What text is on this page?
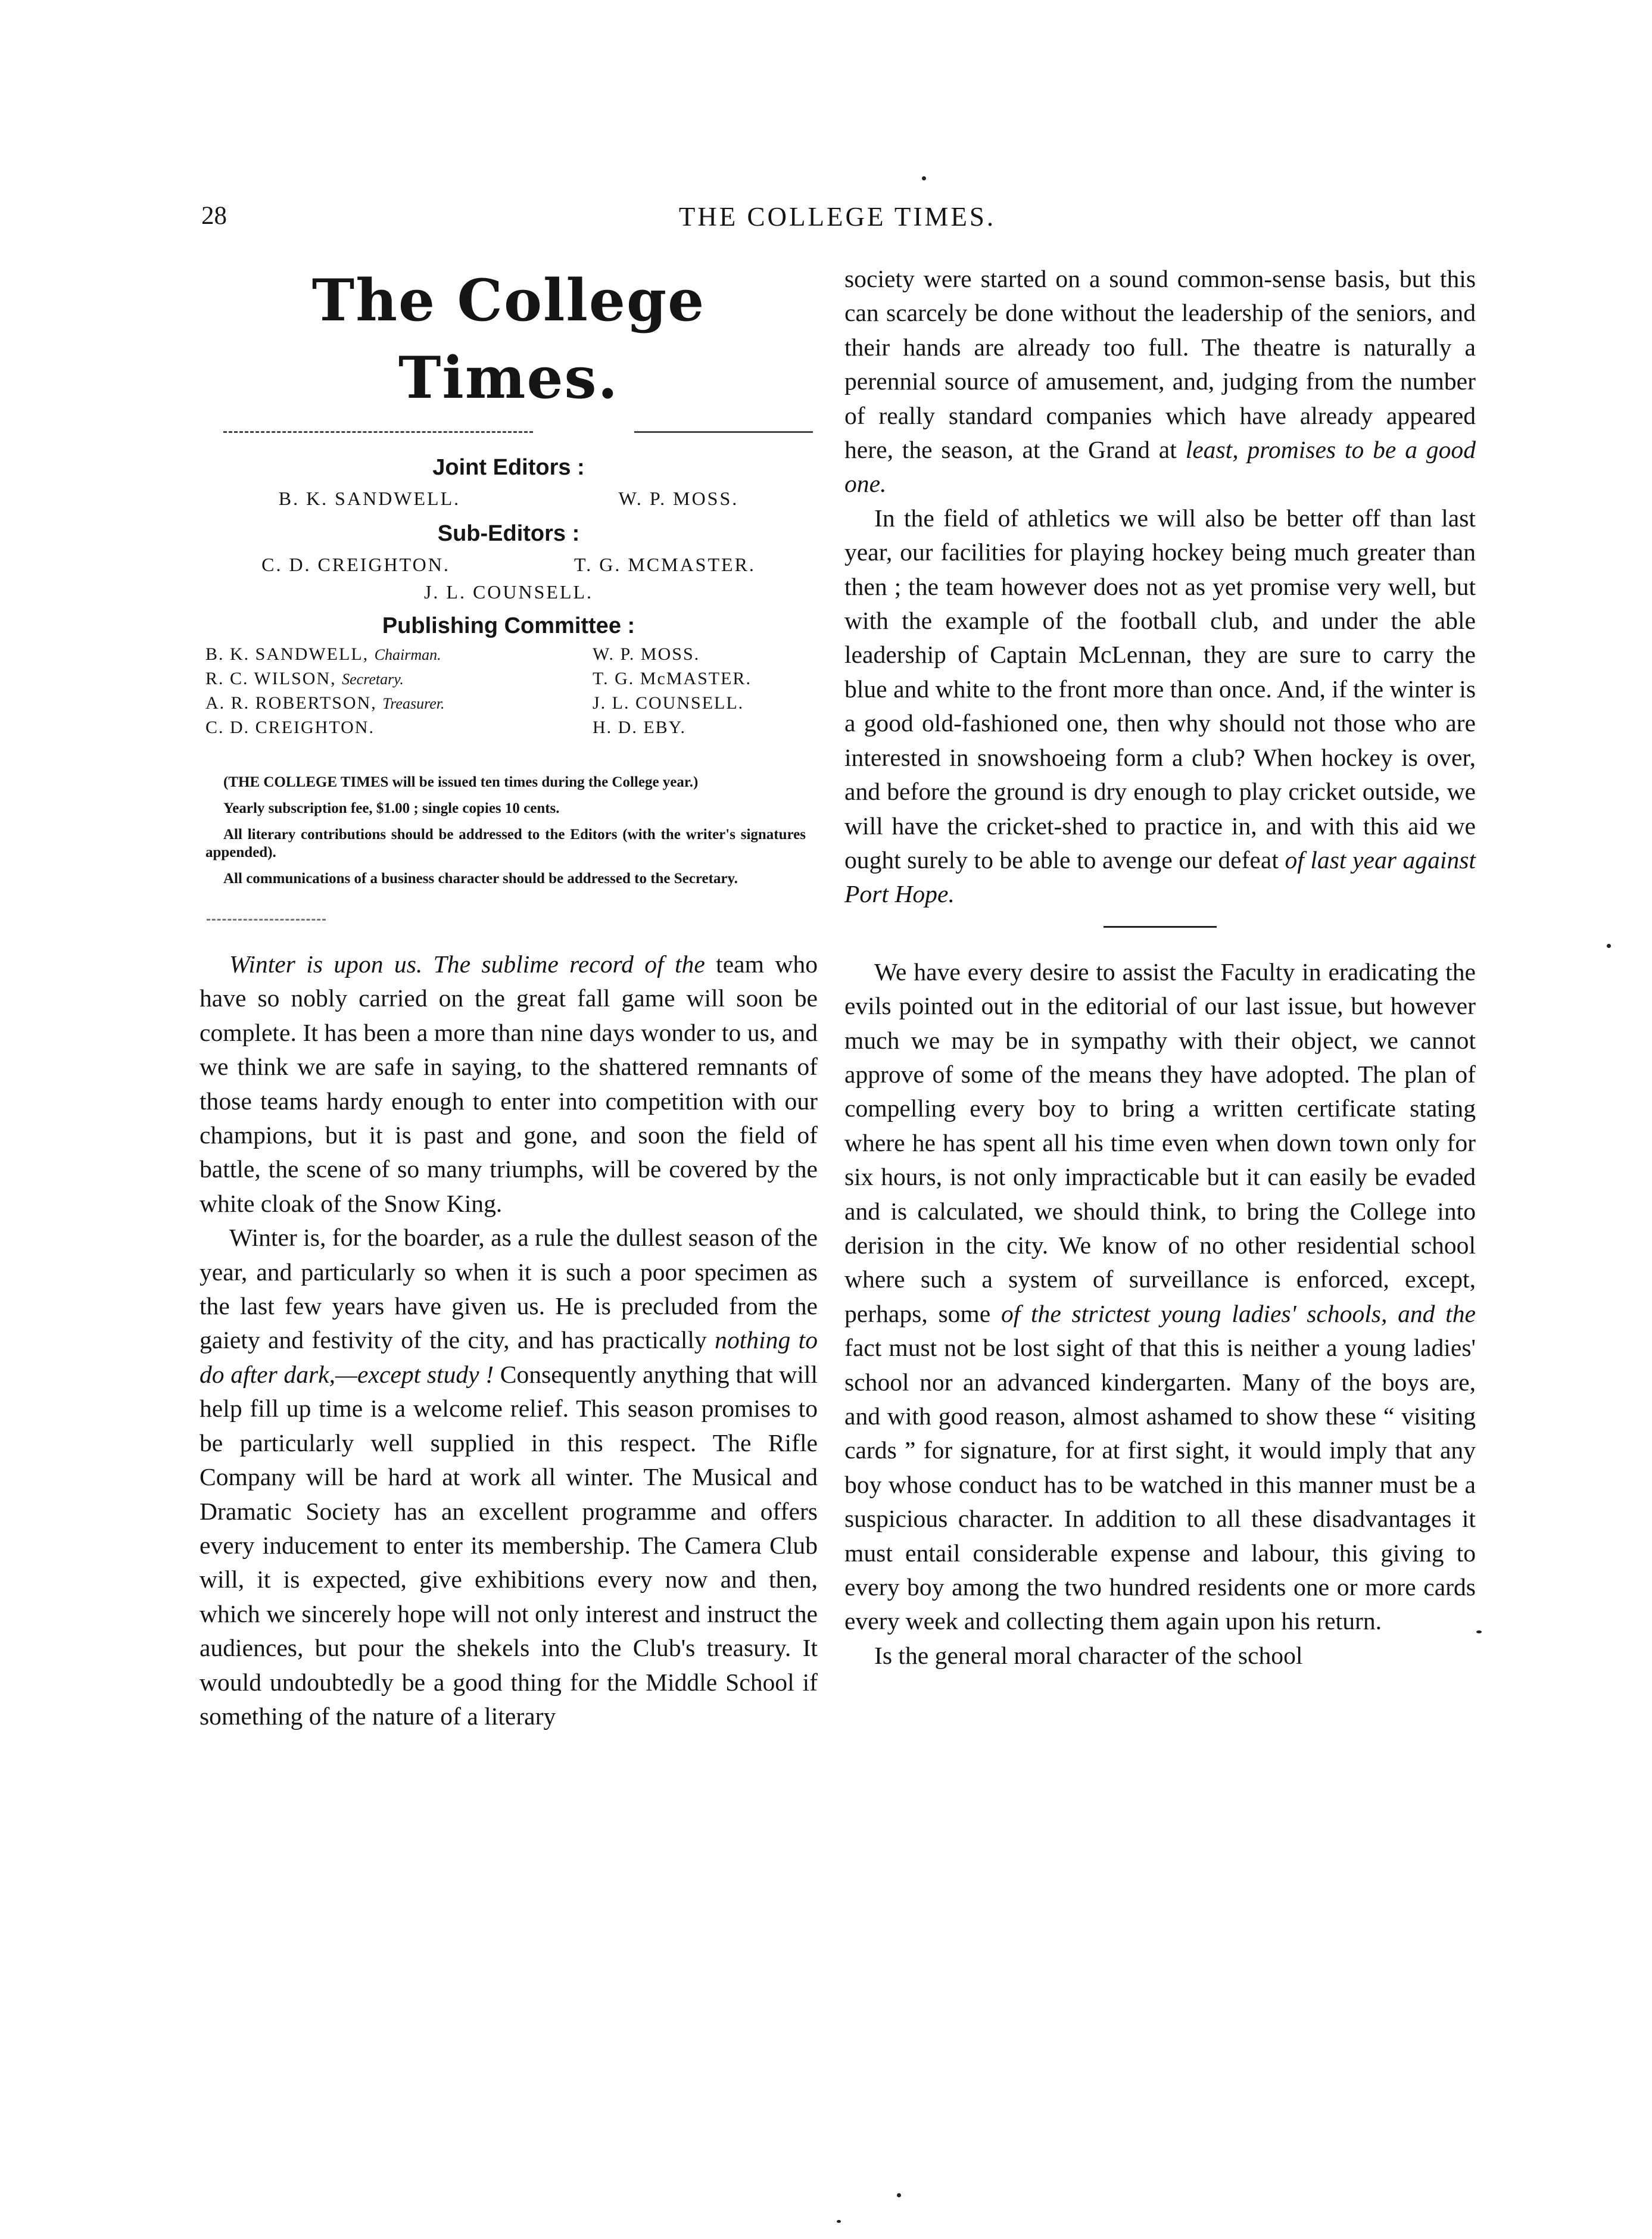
28	THE COLLEGE TIMES.
The College Times.
Joint Editors :
B. K. SANDWELL.	W. P. MOSS.
Sub-Editors :
C. D. CREIGHTON.	T. G. MCMASTER.
J. L. COUNSELL.
Publishing Committee :
B. K. SANDWELL, Chairman.	W. P. MOSS.
R. C. WILSON, Secretary.	T. G. McMASTER.
A. R. ROBERTSON, Treasurer.	J. L. COUNSELL.
C. D. CREIGHTON.	H. D. EBY.

(THE COLLEGE TIMES will be issued ten times during the College year.)

Yearly subscription fee, $1.00 ; single copies 10 cents.

All literary contributions should be addressed to the Editors (with the writer's signatures appended).

All communications of a business character should be addressed to the Secretary.

Winter is upon us. The sublime record of the team who have so nobly carried on the great fall game will soon be complete. It has been a more than nine days wonder to us, and we think we are safe in saying, to the shattered remnants of those teams hardy enough to enter into competition with our champions, but it is past and gone, and soon the field of battle, the scene of so many triumphs, will be covered by the white cloak of the Snow King.

Winter is, for the boarder, as a rule the dullest season of the year, and particularly so when it is such a poor specimen as the last few years have given us. He is precluded from the gaiety and festivity of the city, and has practically nothing to do after dark,—except study ! Consequently anything that will help fill up time is a welcome relief. This season promises to be particularly well supplied in this respect. The Rifle Company will be hard at work all winter. The Musical and Dramatic Society has an excellent programme and offers every inducement to enter its membership. The Camera Club will, it is expected, give exhibitions every now and then, which we sincerely hope will not only interest and instruct the audiences, but pour the shekels into the Club's treasury. It would undoubtedly be a good thing for the Middle School if something of the nature of a literary

society were started on a sound common-sense basis, but this can scarcely be done without the leadership of the seniors, and their hands are already too full. The theatre is naturally a perennial source of amusement, and, judging from the number of really standard companies which have already appeared here, the season, at the Grand at least, promises to be a good one.

In the field of athletics we will also be better off than last year, our facilities for playing hockey being much greater than then ; the team however does not as yet promise very well, but with the example of the football club, and under the able leadership of Captain McLennan, they are sure to carry the blue and white to the front more than once. And, if the winter is a good old-fashioned one, then why should not those who are interested in snowshoeing form a club? When hockey is over, and before the ground is dry enough to play cricket outside, we will have the cricket-shed to practice in, and with this aid we ought surely to be able to avenge our defeat of last year against Port Hope.

We have every desire to assist the Faculty in eradicating the evils pointed out in the editorial of our last issue, but however much we may be in sympathy with their object, we cannot approve of some of the means they have adopted. The plan of compelling every boy to bring a written certificate stating where he has spent all his time even when down town only for six hours, is not only impracticable but it can easily be evaded and is calculated, we should think, to bring the College into derision in the city. We know of no other residential school where such a system of surveillance is enforced, except, perhaps, some of the strictest young ladies' schools, and the fact must not be lost sight of that this is neither a young ladies' school nor an advanced kindergarten. Many of the boys are, and with good reason, almost ashamed to show these “ visiting cards ” for signature, for at first sight, it would imply that any boy whose conduct has to be watched in this manner must be a suspicious character. In addition to all these disadvantages it must entail considerable expense and labour, this giving to every boy among the two hundred residents one or more cards every week and collecting them again upon his return.

Is the general moral character of the school
